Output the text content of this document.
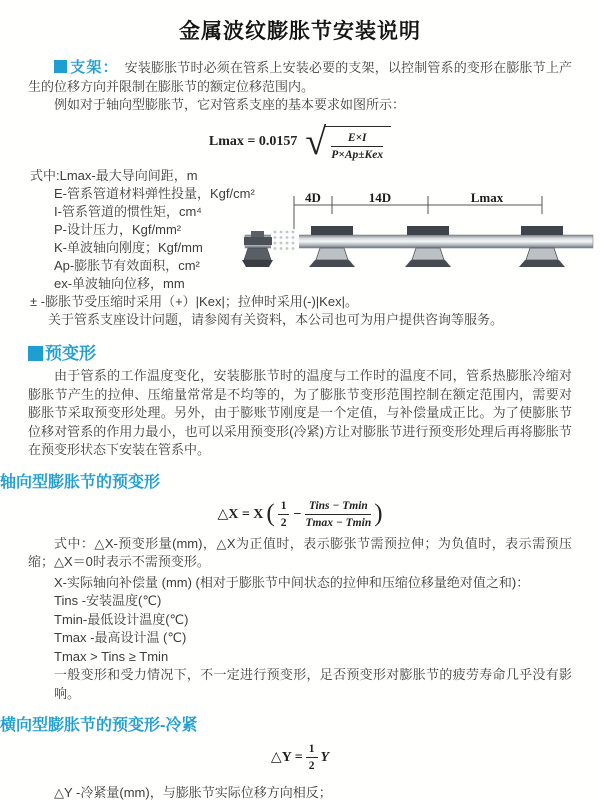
金属波纹膨胀节安装说明

支架： 安装膨胀节时必须在管系上安装必要的支架，以控制管系的变形在膨胀节上产生的位移方向并限制在膨胀节的额定位移范围内。

例如对于轴向型膨胀节，它对管系支座的基本要求如图所示：

Lmax = 0.0157 √ $\frac{E\times I}{\text{P×Ap±Kex}}$
式中:Lmax-最大导向间距，m
E-管系管道材料弹性投量，Kgf/cm²
I-管系管道的惯性矩，cm⁴
P-设计压力，Kgf/mm²
K-单波轴向刚度；Kgf/mm
Ap-膨胀节有效面积，cm²
ex-单波轴向位移，mm
± -膨胀节受压缩时采用（+）|Kex|；拉伸时采用(-)|Kex|。
关于管系支座设计问题，请参阅有关资料，本公司也可为用户提供咨询等服务。
4D	14D	Lmax
预变形

由于管系的工作温度变化，安装膨胀节时的温度与工作时的温度不同，管系热膨胀冷缩对膨胀节产生的拉伸、压缩量常常是不均等的，为了膨胀节变形范围控制在额定范围内，需要对膨胀节采取预变形处理。另外，由于膨账节刚度是一个定值，与补偿量成正比。为了使膨胀节位移对管系的作用力最小，也可以采用预变形(冷紧)方让对膨胀节进行预变形处理后再将膨胀节在预变形状态下安装在管系中。

轴向型膨胀节的预变形
△X = X ( $\frac{1}{2} - \frac{\text{Tins − Tmin}}{Tmax - Tmin}$ )

式中：△X-预变形量(mm)，△X为正值时，表示膨张节需预拉伸；为负值时，表示需预压缩；△X＝0时表示不需预变形。

X-实际轴向补偿量 (mm) (相对于膨胀节中间状态的拉伸和压缩位移量绝对值之和)：
Tins -安装温度(℃)
Tmin-最低设计温度(℃)
Tmax -最高设计温 (℃)
Tmax > Tins ≥ Tmin
一般变形和受力情况下，不一定进行预变形，足否预变形对膨胀节的疲劳寿命几乎没有影响。
横向型膨胀节的预变形-冷紧
△Y = $\frac{1}{2}$ Y
△Y -冷紧量(mm)，与膨胀节实际位移方向相反；
